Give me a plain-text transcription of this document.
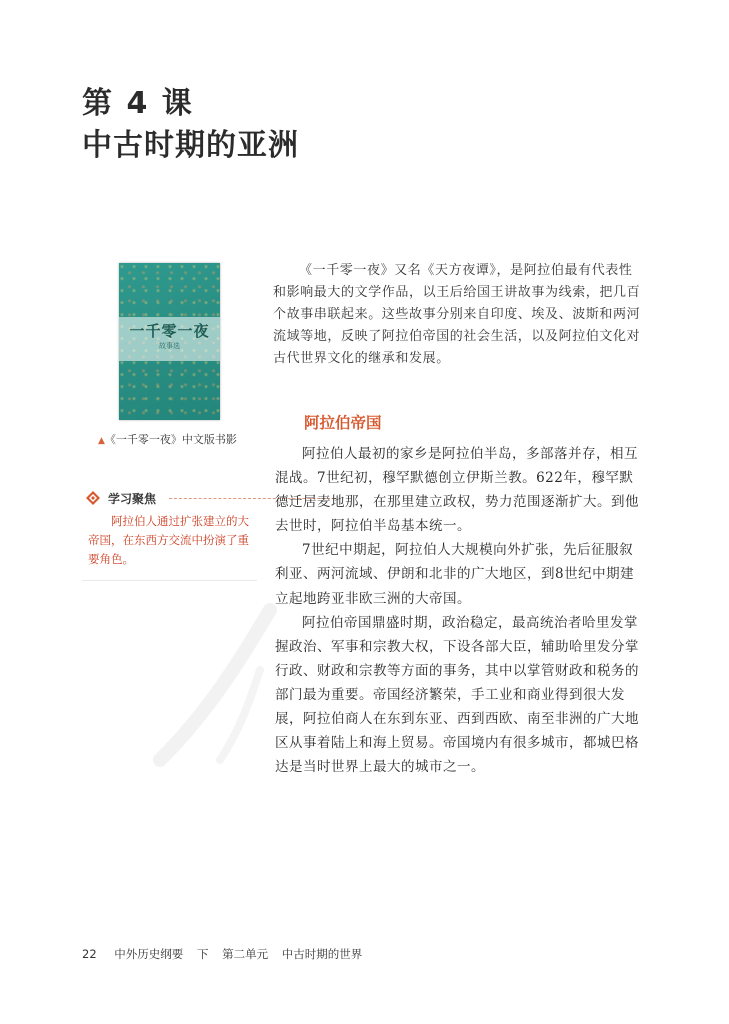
第 4 课
中古时期的亚洲
一千零一夜
故事选
▲《一千零一夜》中文版书影
学习聚焦
阿拉伯人通过扩张建立的大帝国，在东西方交流中扮演了重要角色。
《一千零一夜》又名《天方夜谭》，是阿拉伯最有代表性和影响最大的文学作品，以王后给国王讲故事为线索，把几百个故事串联起来。这些故事分别来自印度、埃及、波斯和两河流域等地，反映了阿拉伯帝国的社会生活，以及阿拉伯文化对古代世界文化的继承和发展。
阿拉伯帝国

阿拉伯人最初的家乡是阿拉伯半岛，多部落并存，相互混战。7世纪初，穆罕默德创立伊斯兰教。622年，穆罕默德迁居麦地那，在那里建立政权，势力范围逐渐扩大。到他去世时，阿拉伯半岛基本统一。

7世纪中期起，阿拉伯人大规模向外扩张，先后征服叙利亚、两河流域、伊朗和北非的广大地区，到8世纪中期建立起地跨亚非欧三洲的大帝国。

阿拉伯帝国鼎盛时期，政治稳定，最高统治者哈里发掌握政治、军事和宗教大权，下设各部大臣，辅助哈里发分掌行政、财政和宗教等方面的事务，其中以掌管财政和税务的部门最为重要。帝国经济繁荣，手工业和商业得到很大发展，阿拉伯商人在东到东亚、西到西欧、南至非洲的广大地区从事着陆上和海上贸易。帝国境内有很多城市，都城巴格达是当时世界上最大的城市之一。

22 中外历史纲要 下 第二单元 中古时期的世界
